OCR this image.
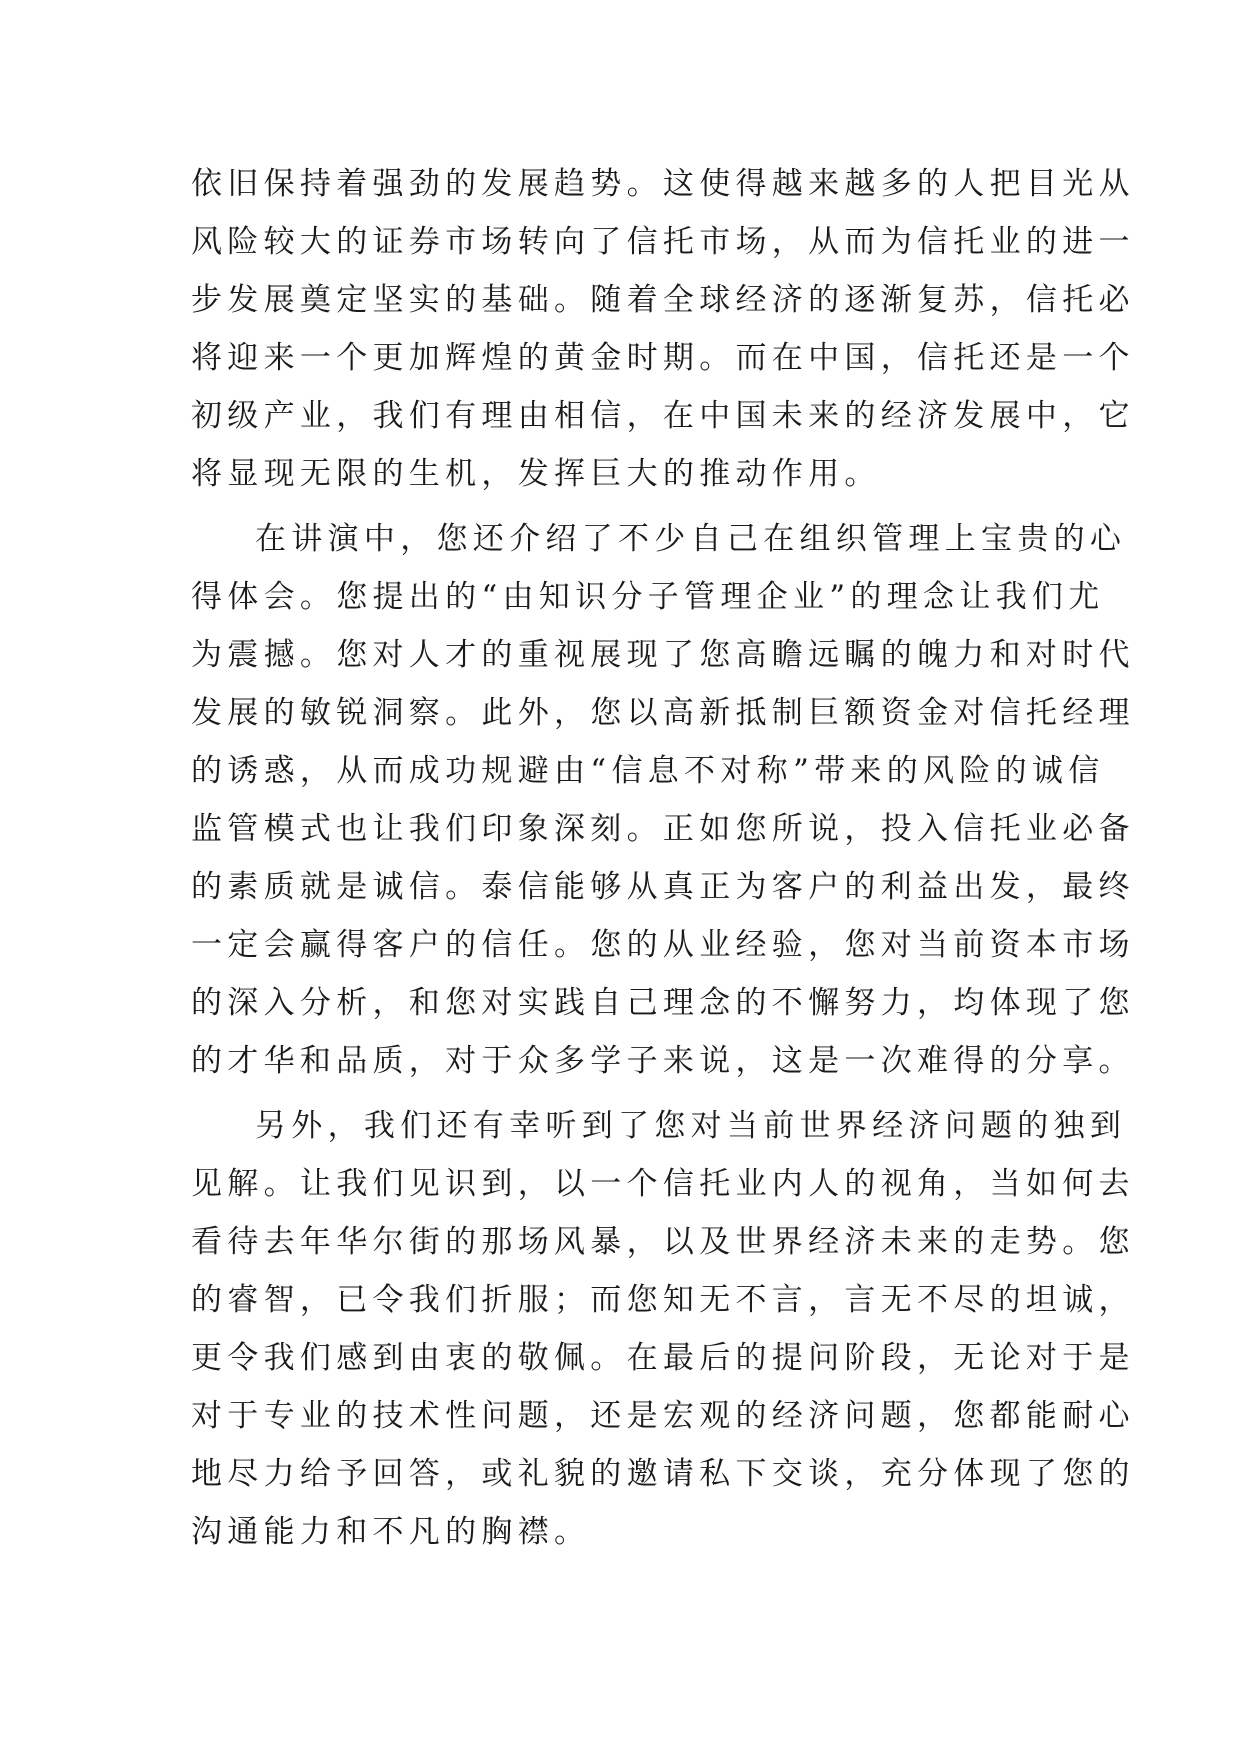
依旧保持着强劲的发展趋势。这使得越来越多的人把目光从
风险较大的证券市场转向了信托市场，从而为信托业的进一
步发展奠定坚实的基础。随着全球经济的逐渐复苏，信托必
将迎来一个更加辉煌的黄金时期。而在中国，信托还是一个
初级产业，我们有理由相信，在中国未来的经济发展中，它
将显现无限的生机，发挥巨大的推动作用。
在讲演中，您还介绍了不少自己在组织管理上宝贵的心
得体会。您提出的“由知识分子管理企业”的理念让我们尤
为震撼。您对人才的重视展现了您高瞻远瞩的魄力和对时代
发展的敏锐洞察。此外，您以高新抵制巨额资金对信托经理
的诱惑，从而成功规避由“信息不对称”带来的风险的诚信
监管模式也让我们印象深刻。正如您所说，投入信托业必备
的素质就是诚信。泰信能够从真正为客户的利益出发，最终
一定会赢得客户的信任。您的从业经验，您对当前资本市场
的深入分析，和您对实践自己理念的不懈努力，均体现了您
的才华和品质，对于众多学子来说，这是一次难得的分享。
另外，我们还有幸听到了您对当前世界经济问题的独到
见解。让我们见识到，以一个信托业内人的视角，当如何去
看待去年华尔街的那场风暴，以及世界经济未来的走势。您
的睿智，已令我们折服；而您知无不言，言无不尽的坦诚，
更令我们感到由衷的敬佩。在最后的提问阶段，无论对于是
对于专业的技术性问题，还是宏观的经济问题，您都能耐心
地尽力给予回答，或礼貌的邀请私下交谈，充分体现了您的
沟通能力和不凡的胸襟。
